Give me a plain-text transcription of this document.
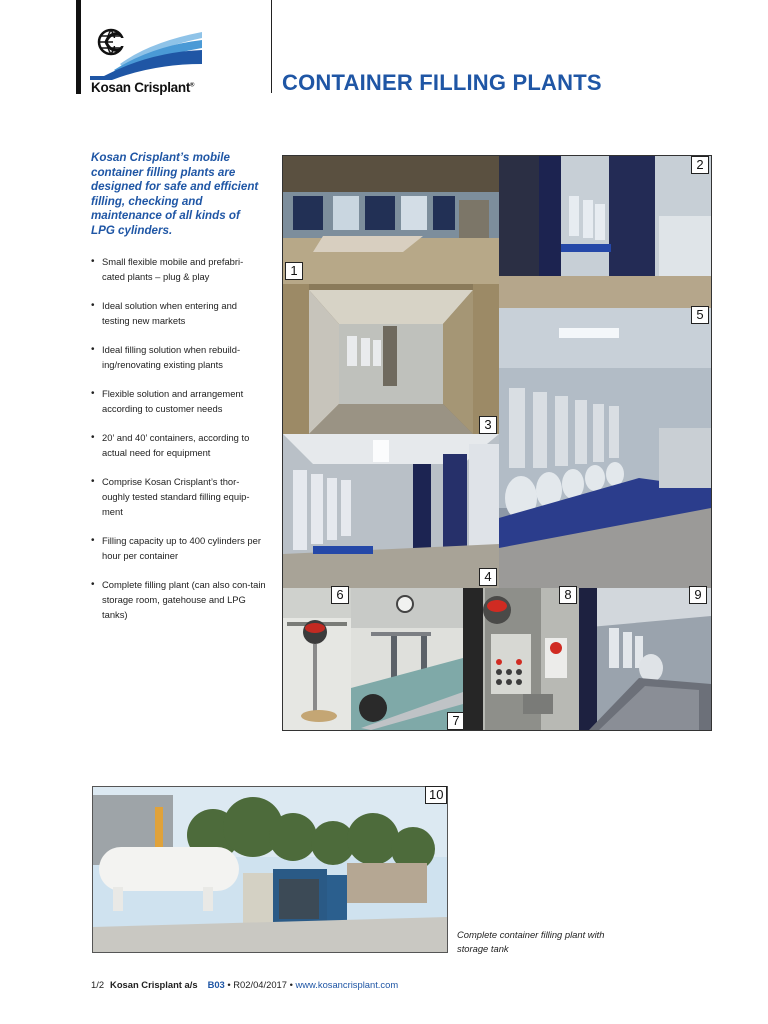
Kosan Crisplant®	CONTAINER FILLING PLANTS

Kosan Crisplant’s mobile container filling plants are designed for safe and efficient filling, checking and maintenance of all kinds of LPG cylinders.

• Small flexible mobile and prefabri-cated plants – plug & play
• Ideal solution when entering and testing new markets
• Ideal filling solution when rebuild-ing/renovating existing plants
• Flexible solution and arrangement according to customer needs
• 20’ and 40’ containers, according to actual need for equipment
• Comprise Kosan Crisplant’s thor-oughly tested standard filling equip-ment
• Filling capacity up to 400 cylinders per hour per container
• Complete filling plant (can also con-tain storage room, gatehouse and LPG tanks)
1
2
3
5
4
6
7
8	9
10

Complete container filling plant with storage tank

1/2 Kosan Crisplant a/s B03 • R02/04/2017 • www.kosancrisplant.com
